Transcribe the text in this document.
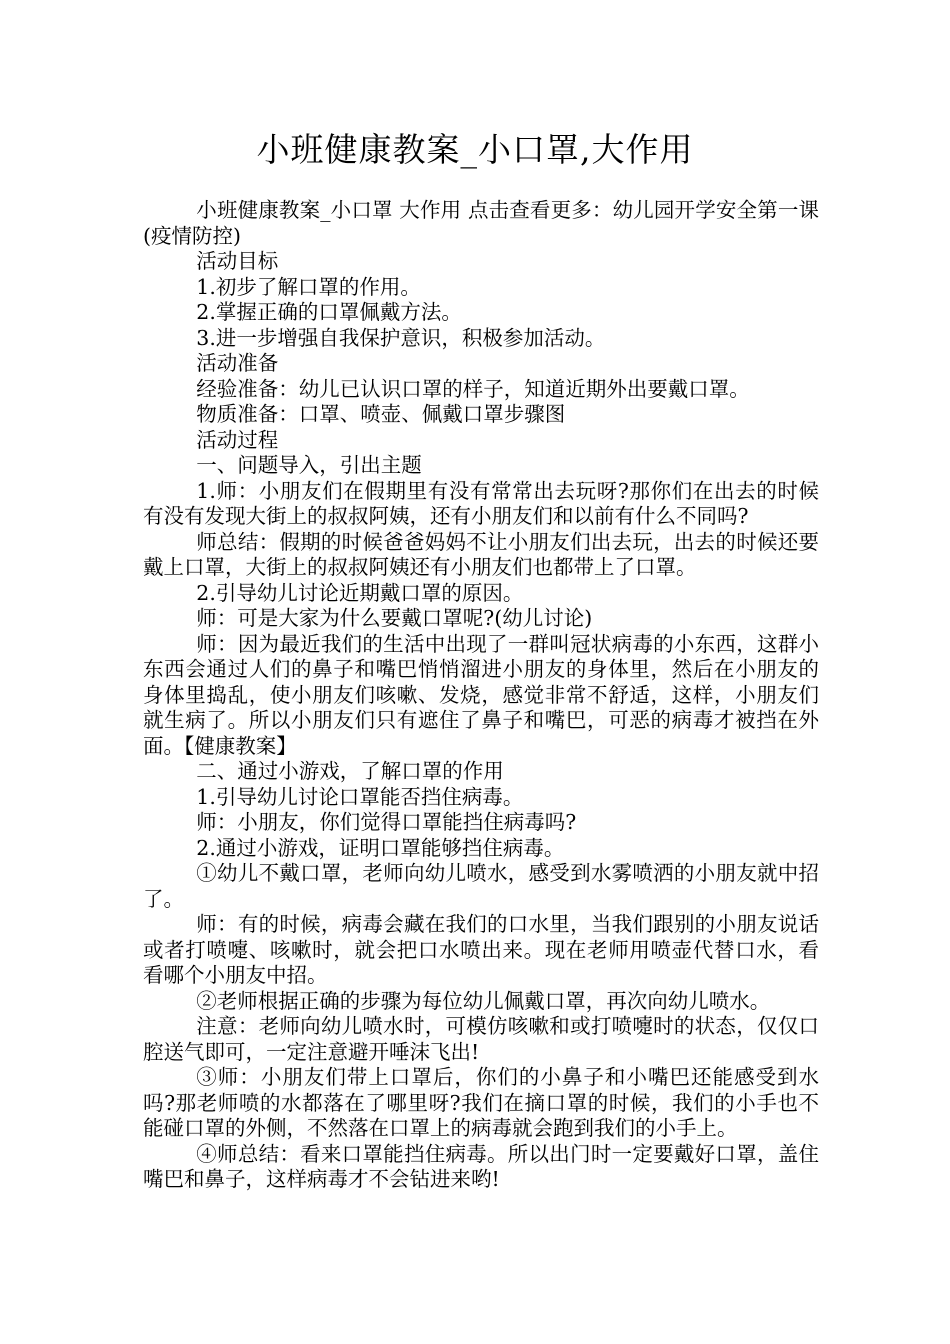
小班健康教案_小口罩,大作用

小班健康教案_小口罩 大作用 点击查看更多：幼儿园开学安全第一课(疫情防控)

活动目标

1.初步了解口罩的作用。

2.掌握正确的口罩佩戴方法。

3.进一步增强自我保护意识，积极参加活动。

活动准备

经验准备：幼儿已认识口罩的样子，知道近期外出要戴口罩。

物质准备：口罩、喷壶、佩戴口罩步骤图

活动过程

一、问题导入，引出主题

1.师：小朋友们在假期里有没有常常出去玩呀?那你们在出去的时候有没有发现大街上的叔叔阿姨，还有小朋友们和以前有什么不同吗?

师总结：假期的时候爸爸妈妈不让小朋友们出去玩，出去的时候还要戴上口罩，大街上的叔叔阿姨还有小朋友们也都带上了口罩。

2.引导幼儿讨论近期戴口罩的原因。

师：可是大家为什么要戴口罩呢?(幼儿讨论)

师：因为最近我们的生活中出现了一群叫冠状病毒的小东西，这群小东西会通过人们的鼻子和嘴巴悄悄溜进小朋友的身体里，然后在小朋友的身体里捣乱，使小朋友们咳嗽、发烧，感觉非常不舒适，这样，小朋友们就生病了。所以小朋友们只有遮住了鼻子和嘴巴，可恶的病毒才被挡在外面。【健康教案】

二、通过小游戏，了解口罩的作用

1.引导幼儿讨论口罩能否挡住病毒。

师：小朋友，你们觉得口罩能挡住病毒吗?

2.通过小游戏，证明口罩能够挡住病毒。

①幼儿不戴口罩，老师向幼儿喷水，感受到水雾喷洒的小朋友就中招了。

师：有的时候，病毒会藏在我们的口水里，当我们跟别的小朋友说话或者打喷嚏、咳嗽时，就会把口水喷出来。现在老师用喷壶代替口水，看看哪个小朋友中招。

②老师根据正确的步骤为每位幼儿佩戴口罩，再次向幼儿喷水。

注意：老师向幼儿喷水时，可模仿咳嗽和或打喷嚏时的状态，仅仅口腔送气即可，一定注意避开唾沫飞出!

③师：小朋友们带上口罩后，你们的小鼻子和小嘴巴还能感受到水吗?那老师喷的水都落在了哪里呀?我们在摘口罩的时候，我们的小手也不能碰口罩的外侧，不然落在口罩上的病毒就会跑到我们的小手上。

④师总结：看来口罩能挡住病毒。所以出门时一定要戴好口罩，盖住嘴巴和鼻子，这样病毒才不会钻进来哟!
